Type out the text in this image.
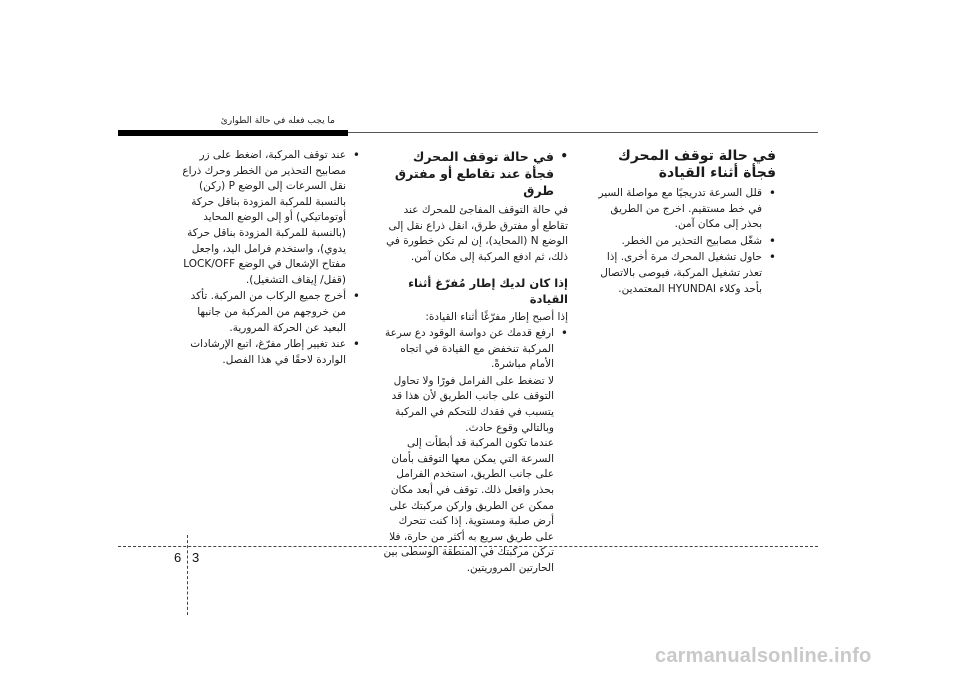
ما يجب فعله في حالة الطوارئ
في حالة توقف المحرك فجأة أثناء القيادة
• قلل السرعة تدريجيًا مع مواصلة السير في خط مستقيم. اخرج من الطريق بحذر إلى مكان آمن.
• شغّل مصابيح التحذير من الخطر.
• حاول تشغيل المحرك مرة أخرى. إذا تعذر تشغيل المركبة، فيوصى بالاتصال بأحد وكلاء HYUNDAI المعتمدين.
• في حالة توقف المحرك فجأة عند تقاطع أو مفترق طرق

في حالة التوقف المفاجئ للمحرك عند تقاطع أو مفترق طرق، انقل ذراع نقل إلى الوضع N (المحايد)، إن لم تكن خطورة في ذلك، ثم ادفع المركبة إلى مكان آمن.

إذا كان لديك إطار مُفرّغ أثناء القيادة

إذا أصبح إطار مفرّغًا أثناء القيادة:

• ارفع قدمك عن دواسة الوقود دع سرعة المركبة تنخفض مع القيادة في اتجاه الأمام مباشرةً.

لا تضغط على الفرامل فورًا ولا تحاول التوقف على جانب الطريق لأن هذا قد يتسبب في فقدك للتحكم في المركبة وبالتالي وقوع حادث.

عندما تكون المركبة قد أبطأت إلى السرعة التي يمكن معها التوقف بأمان على جانب الطريق، استخدم الفرامل بحذر وافعل ذلك. توقف في أبعد مكان ممكن عن الطريق واركن مركبتك على أرض صلبة ومستوية. إذا كنت تتحرك على طريق سريع به أكثر من حارة، فلا تركن مركبتك في المنطقة الوسطى بين الحارتين المروريتين.

• عند توقف المركبة، اضغط على زر مصابيح التحذير من الخطر وحرك ذراع نقل السرعات إلى الوضع P (ركن) بالنسبة للمركبة المزودة بناقل حركة أوتوماتيكي) أو إلى الوضع المحايد (بالنسبة للمركبة المزودة بناقل حركة يدوي)، واستخدم فرامل اليد، واجعل مفتاح الإشعال في الوضع LOCK/OFF (قفل/ إيقاف التشغيل).
• أخرج جميع الركاب من المركبة. تأكد من خروجهم من المركبة من جانبها البعيد عن الحركة المرورية.
• عند تغيير إطار مفرّغ، اتبع الإرشادات الواردة لاحقًا في هذا الفصل.
6 3
carmanualsonline.info
